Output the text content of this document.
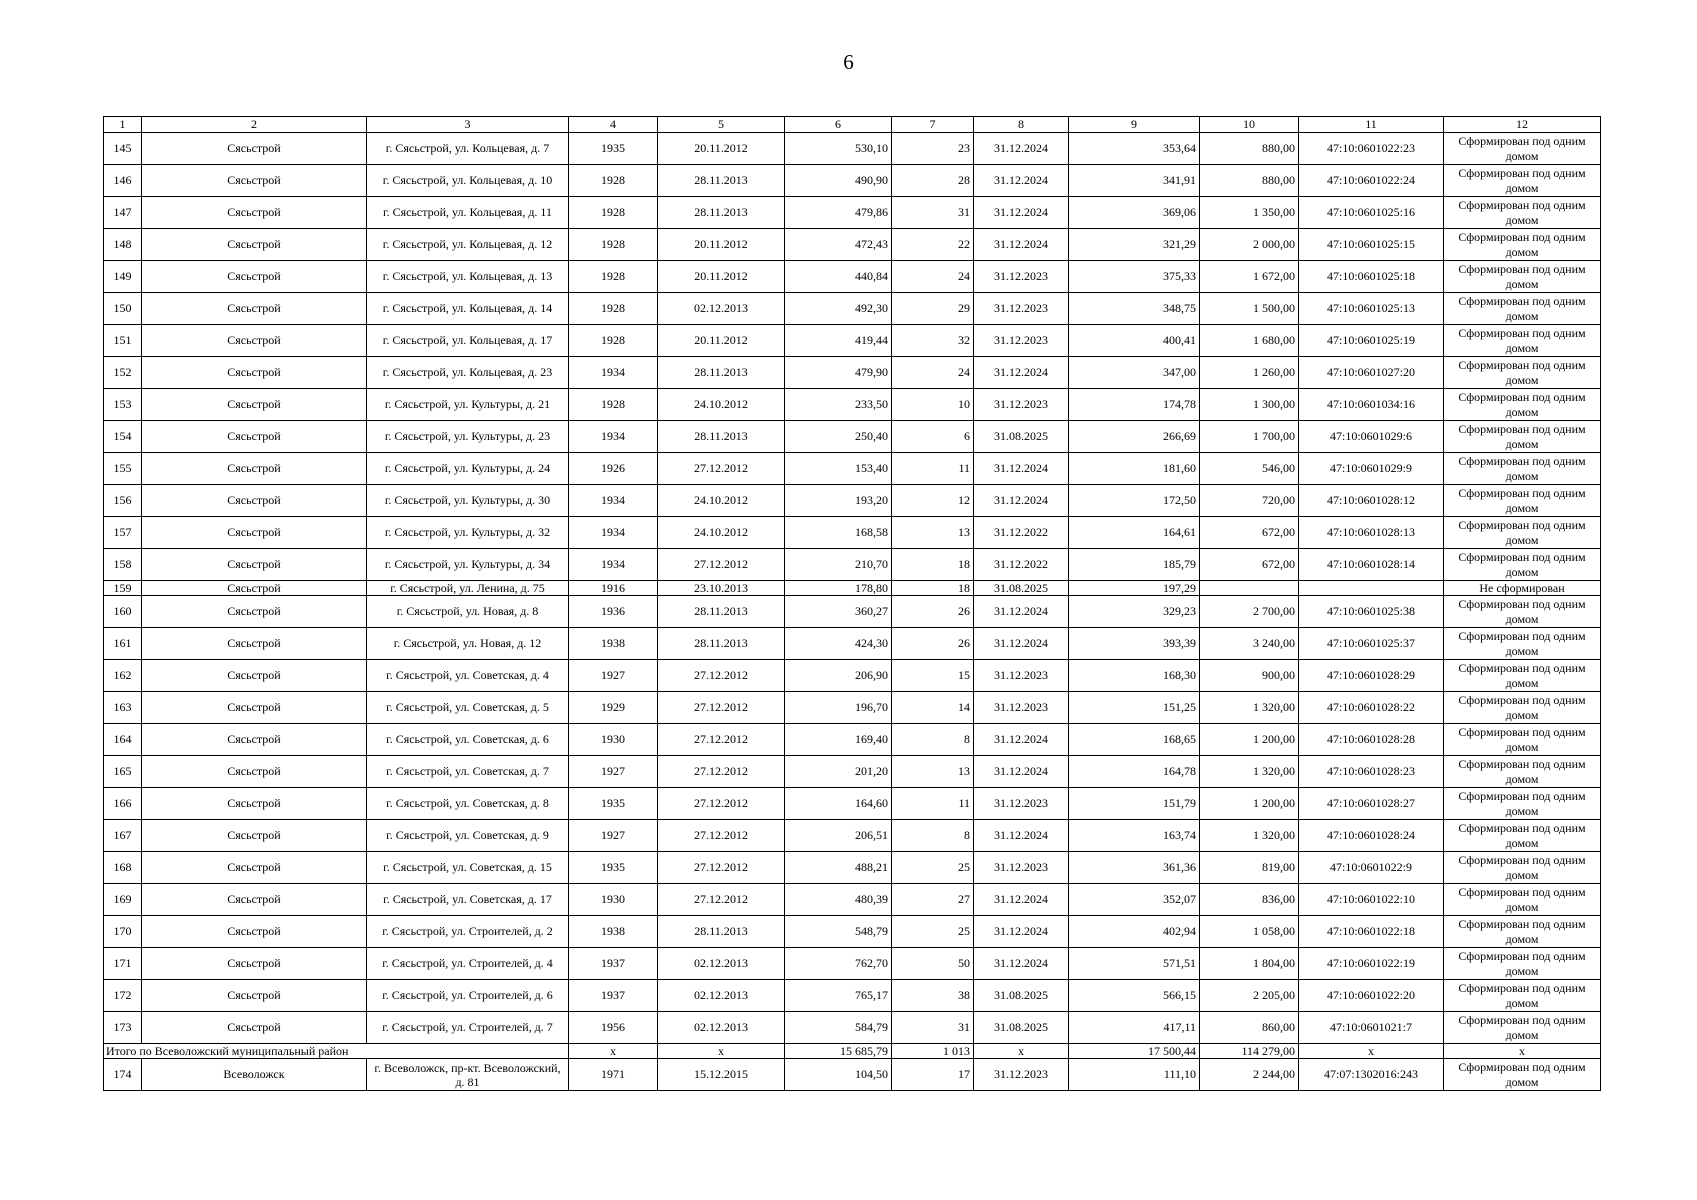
6
1	2	3	4	5	6	7	8	9	10	11	12
145	Сясьстрой	г. Сясьстрой, ул. Кольцевая, д. 7	1935	20.11.2012	530,10	23	31.12.2024	353,64	880,00	47:10:0601022:23	Сформирован под одним домом
146	Сясьстрой	г. Сясьстрой, ул. Кольцевая, д. 10	1928	28.11.2013	490,90	28	31.12.2024	341,91	880,00	47:10:0601022:24	Сформирован под одним домом
147	Сясьстрой	г. Сясьстрой, ул. Кольцевая, д. 11	1928	28.11.2013	479,86	31	31.12.2024	369,06	1 350,00	47:10:0601025:16	Сформирован под одним домом
148	Сясьстрой	г. Сясьстрой, ул. Кольцевая, д. 12	1928	20.11.2012	472,43	22	31.12.2024	321,29	2 000,00	47:10:0601025:15	Сформирован под одним домом
149	Сясьстрой	г. Сясьстрой, ул. Кольцевая, д. 13	1928	20.11.2012	440,84	24	31.12.2023	375,33	1 672,00	47:10:0601025:18	Сформирован под одним домом
150	Сясьстрой	г. Сясьстрой, ул. Кольцевая, д. 14	1928	02.12.2013	492,30	29	31.12.2023	348,75	1 500,00	47:10:0601025:13	Сформирован под одним домом
151	Сясьстрой	г. Сясьстрой, ул. Кольцевая, д. 17	1928	20.11.2012	419,44	32	31.12.2023	400,41	1 680,00	47:10:0601025:19	Сформирован под одним домом
152	Сясьстрой	г. Сясьстрой, ул. Кольцевая, д. 23	1934	28.11.2013	479,90	24	31.12.2024	347,00	1 260,00	47:10:0601027:20	Сформирован под одним домом
153	Сясьстрой	г. Сясьстрой, ул. Культуры, д. 21	1928	24.10.2012	233,50	10	31.12.2023	174,78	1 300,00	47:10:0601034:16	Сформирован под одним домом
154	Сясьстрой	г. Сясьстрой, ул. Культуры, д. 23	1934	28.11.2013	250,40	6	31.08.2025	266,69	1 700,00	47:10:0601029:6	Сформирован под одним домом
155	Сясьстрой	г. Сясьстрой, ул. Культуры, д. 24	1926	27.12.2012	153,40	11	31.12.2024	181,60	546,00	47:10:0601029:9	Сформирован под одним домом
156	Сясьстрой	г. Сясьстрой, ул. Культуры, д. 30	1934	24.10.2012	193,20	12	31.12.2024	172,50	720,00	47:10:0601028:12	Сформирован под одним домом
157	Сясьстрой	г. Сясьстрой, ул. Культуры, д. 32	1934	24.10.2012	168,58	13	31.12.2022	164,61	672,00	47:10:0601028:13	Сформирован под одним домом
158	Сясьстрой	г. Сясьстрой, ул. Культуры, д. 34	1934	27.12.2012	210,70	18	31.12.2022	185,79	672,00	47:10:0601028:14	Сформирован под одним домом
159	Сясьстрой	г. Сясьстрой, ул. Ленина, д. 75	1916	23.10.2013	178,80	18	31.08.2025	197,29			Не сформирован
160	Сясьстрой	г. Сясьстрой, ул. Новая, д. 8	1936	28.11.2013	360,27	26	31.12.2024	329,23	2 700,00	47:10:0601025:38	Сформирован под одним домом
161	Сясьстрой	г. Сясьстрой, ул. Новая, д. 12	1938	28.11.2013	424,30	26	31.12.2024	393,39	3 240,00	47:10:0601025:37	Сформирован под одним домом
162	Сясьстрой	г. Сясьстрой, ул. Советская, д. 4	1927	27.12.2012	206,90	15	31.12.2023	168,30	900,00	47:10:0601028:29	Сформирован под одним домом
163	Сясьстрой	г. Сясьстрой, ул. Советская, д. 5	1929	27.12.2012	196,70	14	31.12.2023	151,25	1 320,00	47:10:0601028:22	Сформирован под одним домом
164	Сясьстрой	г. Сясьстрой, ул. Советская, д. 6	1930	27.12.2012	169,40	8	31.12.2024	168,65	1 200,00	47:10:0601028:28	Сформирован под одним домом
165	Сясьстрой	г. Сясьстрой, ул. Советская, д. 7	1927	27.12.2012	201,20	13	31.12.2024	164,78	1 320,00	47:10:0601028:23	Сформирован под одним домом
166	Сясьстрой	г. Сясьстрой, ул. Советская, д. 8	1935	27.12.2012	164,60	11	31.12.2023	151,79	1 200,00	47:10:0601028:27	Сформирован под одним домом
167	Сясьстрой	г. Сясьстрой, ул. Советская, д. 9	1927	27.12.2012	206,51	8	31.12.2024	163,74	1 320,00	47:10:0601028:24	Сформирован под одним домом
168	Сясьстрой	г. Сясьстрой, ул. Советская, д. 15	1935	27.12.2012	488,21	25	31.12.2023	361,36	819,00	47:10:0601022:9	Сформирован под одним домом
169	Сясьстрой	г. Сясьстрой, ул. Советская, д. 17	1930	27.12.2012	480,39	27	31.12.2024	352,07	836,00	47:10:0601022:10	Сформирован под одним домом
170	Сясьстрой	г. Сясьстрой, ул. Строителей, д. 2	1938	28.11.2013	548,79	25	31.12.2024	402,94	1 058,00	47:10:0601022:18	Сформирован под одним домом
171	Сясьстрой	г. Сясьстрой, ул. Строителей, д. 4	1937	02.12.2013	762,70	50	31.12.2024	571,51	1 804,00	47:10:0601022:19	Сформирован под одним домом
172	Сясьстрой	г. Сясьстрой, ул. Строителей, д. 6	1937	02.12.2013	765,17	38	31.08.2025	566,15	2 205,00	47:10:0601022:20	Сформирован под одним домом
173	Сясьстрой	г. Сясьстрой, ул. Строителей, д. 7	1956	02.12.2013	584,79	31	31.08.2025	417,11	860,00	47:10:0601021:7	Сформирован под одним домом
Итого по Всеволожский муниципальный район			x	x	15 685,79	1 013	x	17 500,44	114 279,00	x	x
174	Всеволожск	г. Всеволожск, пр-кт. Всеволожский, д. 81	1971	15.12.2015	104,50	17	31.12.2023	111,10	2 244,00	47:07:1302016:243	Сформирован под одним домом
